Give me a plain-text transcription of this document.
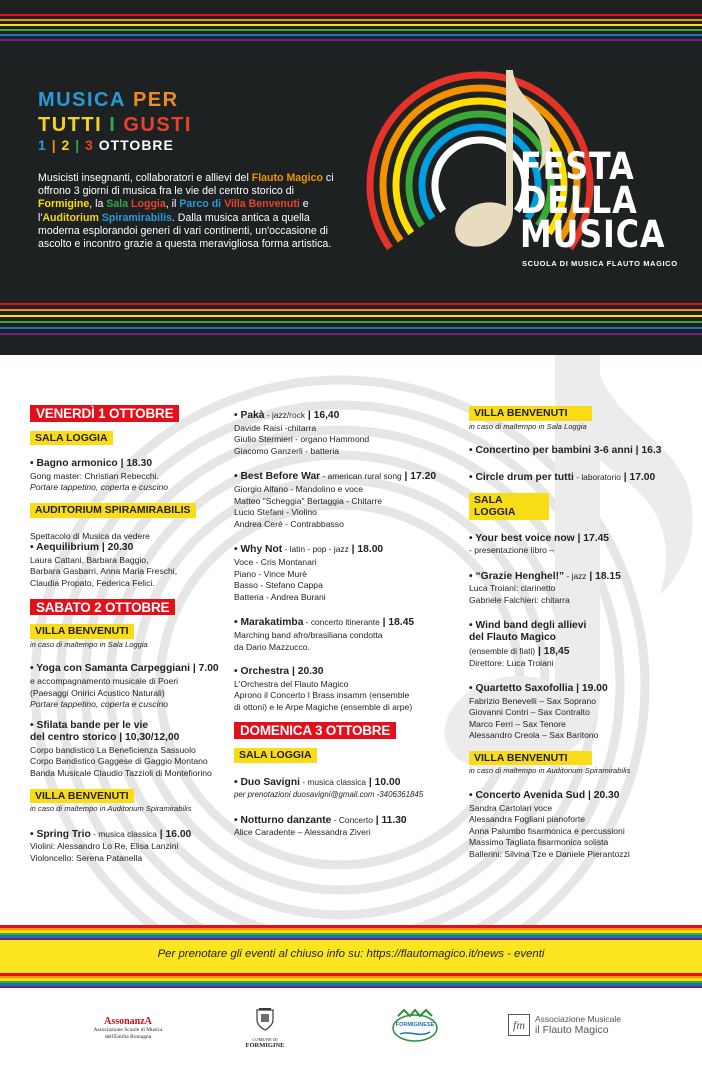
MUSICA PER
TUTTI I GUSTI
1 | 2 | 3 OTTOBRE
Musicisti insegnanti, collaboratori e allievi del Flauto Magico ci offrono 3 giorni di musica fra le vie del centro storico di Formigine, la Sala Loggia, il Parco di Villa Benvenuti e l'Auditorium Spiramirabilis. Dalla musica antica a quella moderna esplorandoi generi di vari continenti, un'occasione di ascolto e incontro grazie a questa meravigliosa forma artistica.
FESTA
DELLA
MUSICA
SCUOLA DI MUSICA FLAUTO MAGICO
VENERDÌ 1 OTTOBRE
SALA LOGGIA
• Bagno armonico | 18.30
Gong master: Christian Rebecchi.
Portare tappetino, coperta e cuscino
AUDITORIUM SPIRAMIRABILIS
Spettacolo di Musica da vedere
• Aequilibrium | 20.30
Laura Cattani, Barbara Baggio,
Barbara Gasbarri, Anna Maria Freschi,
Claudia Propato, Federica Felici.
SABATO 2 OTTOBRE
VILLA BENVENUTI
in caso di maltempo in Sala Loggia
• Yoga con Samanta Carpeggiani | 7.00
e accompagnamento musicale di Poeri
(Paesaggi Onirici Acustico Naturali)
Portare tappetino, coperta e cuscino
• Sfilata bande per le vie
del centro storico | 10,30/12,00
Corpo bandistico La Beneficienza Sassuolo
Corpo Bandistico Gaggese di Gaggio Montano
Banda Musicale Claudio Tazzioli di Montefiorino
VILLA BENVENUTI
in caso di maltempo in Auditorium Spiramirabilis
• Spring Trio - musica classica | 16.00
Violini: Alessandro Lo Re, Elisa Lanzini
Violoncello: Serena Patanella
• Pakà - jazz/rock | 16,40
Davide Raisi -chitarra
Giulio Stermieri - organo Hammond
Giacomo Ganzerli - batteria
• Best Before War - american rural song | 17.20
Giorgio Alfano - Mandolino e voce
Matteo "Scheggia" Bertaggia - Chitarre
Lucio Stefani - Violino
Andrea Cerè - Contrabbasso
• Why Not - latin - pop - jazz | 18.00
Voce - Cris Montanari
Piano - Vince Murè
Basso - Stefano Cappa
Batteria - Andrea Burani
• Marakatimba - concerto itinerante | 18.45
Marching band afro/brasiliana condotta
da Dario Mazzucco.
• Orchestra | 20.30
L'Orchestra del Flauto Magico
Aprono il Concerto I Brass insamm (ensemble
di ottoni) e le Arpe Magiche (ensemble di arpe)
DOMENICA 3 OTTOBRE
SALA LOGGIA
• Duo Savigni - musica classica | 10.00
per prenotazioni duosavigni@gmail.com -3406361845
• Notturno danzante - Concerto | 11.30
Alice Caradente – Alessandra Ziveri
VILLA BENVENUTI
in caso di maltempo in Sala Loggia
• Concertino per bambini 3-6 anni | 16.3
• Circle drum per tutti - laboratorio | 17.00
SALA LOGGIA
• Your best voice now | 17.45
- presentazione libro –
• “Grazie Henghel!” - jazz | 18.15
Luca Troiani: clarinetto
Gabriele Falchieri: chitarra
• Wind band degli allievi
del Flauto Magico
(ensemble di fiati) | 18,45
Direttore: Luca Troiani
• Quartetto Saxofollia | 19.00
Fabrizio Benevelli – Sax Soprano
Giovanni Contri – Sax Contralto
Marco Ferri – Sax Tenore
Alessandro Creola – Sax Baritono
VILLA BENVENUTI
in caso di maltempo in Auditorium Spiramirabilis
• Concerto Avenida Sud | 20.30
Sandra Cartolari voce
Alessandra Fogliani pianoforte
Anna Palumbo fisarmonica e percussioni
Massimo Tagliata fisarmonica solista
Ballerini: Silvina Tze e Daniele Pierantozzi
Per prenotare gli eventi al chiuso info su: https://flautomagico.it/news - eventi
AssonanzA
Associazione Scuole di Musica
dell'Emilia Romagna	COMUNE DI
FORMIGINE
FORMIGINESE	fm	Associazione Musicale
il Flauto Magico
